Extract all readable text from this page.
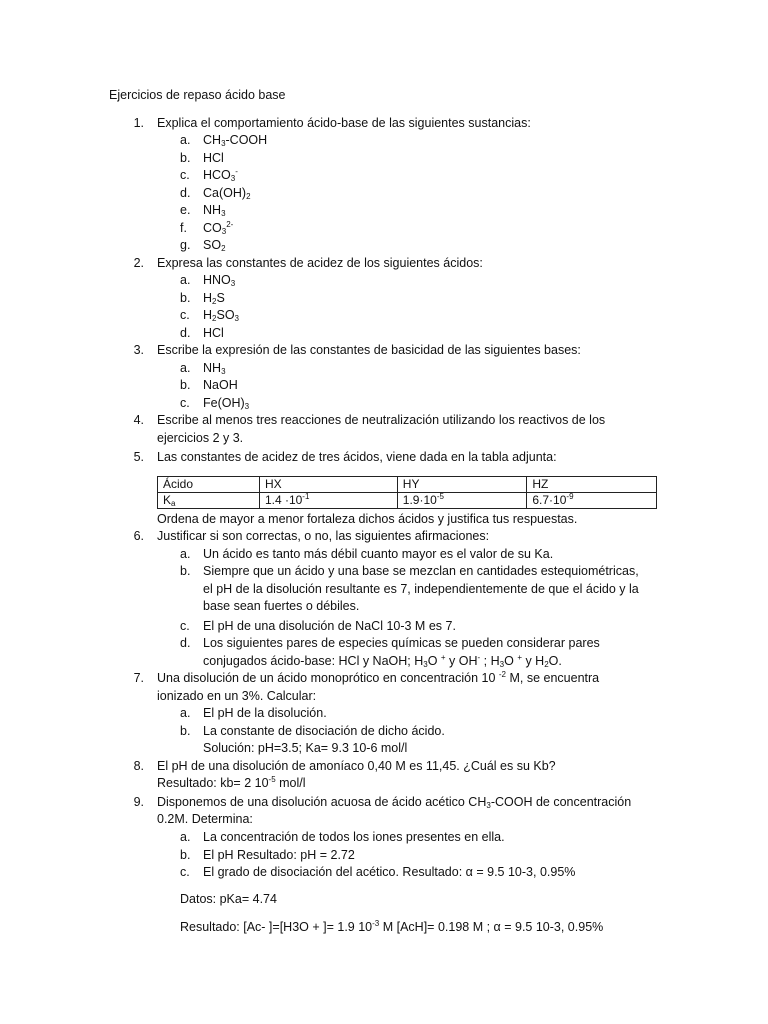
Ejercicios de repaso ácido base
1. Explica el comportamiento ácido-base de las siguientes sustancias:
a. $CH_3$-COOH
b. HCl
c. $HCO_3^-$
d. $Ca(OH)_2$
e. $NH_3$
f. $CO_3^{2-}$
g. $SO_2$
2. Expresa las constantes de acidez de los siguientes ácidos:
a. $HNO_3$
b. $H_2S$
c. $H_2SO_3$
d. HCl
3. Escribe la expresión de las constantes de basicidad de las siguientes bases:
a. $NH_3$
b. NaOH
c. $Fe(OH)_3$
4. Escribe al menos tres reacciones de neutralización utilizando los reactivos de los
ejercicios 2 y 3.
5. Las constantes de acidez de tres ácidos, viene dada en la tabla adjunta:
Ácido	HX	HY	HZ
$K_a$	$1.4 \cdot 10^{-1}$	$1.9\cdot 10^{-5}$	$6.7\cdot 10^{-9}$
Ordena de mayor a menor fortaleza dichos ácidos y justifica tus respuestas.
6. Justificar si son correctas, o no, las siguientes afirmaciones:
a. Un ácido es tanto más débil cuanto mayor es el valor de su Ka.
b. Siempre que un ácido y una base se mezclan en cantidades estequiométricas,
el pH de la disolución resultante es 7, independientemente de que el ácido y la
base sean fuertes o débiles.
c. El pH de una disolución de NaCl 10-3 M es 7.
d. Los siguientes pares de especies químicas se pueden considerar pares
conjugados ácido-base: HCl y NaOH; $H_3O$ + y OH- ; $H_3O$ + y $H_2O$.
7. Una disolución de un ácido monoprótico en concentración 10 $^{-2}$ M, se encuentra
ionizado en un 3%. Calcular:
a. El pH de la disolución.
b. La constante de disociación de dicho ácido.
Solución: pH=3.5; Ka= 9.3 10-6 mol/l
8. El pH de una disolución de amoníaco 0,40 M es 11,45. ¿Cuál es su Kb?
Resultado: kb= 2 $10^{-5}$ mol/l
9. Disponemos de una disolución acuosa de ácido acético $CH_3$-COOH de concentración
0.2M. Determina:
a. La concentración de todos los iones presentes en ella.
b. El pH Resultado: pH = 2.72
c. El grado de disociación del acético. Resultado: α = 9.5 10-3, 0.95%
Datos: pKa= 4.74
Resultado: [Ac- ]=[H3O + ]= 1.9 $10^{-3}$ M [AcH]= 0.198 M ; α = 9.5 10-3, 0.95%
